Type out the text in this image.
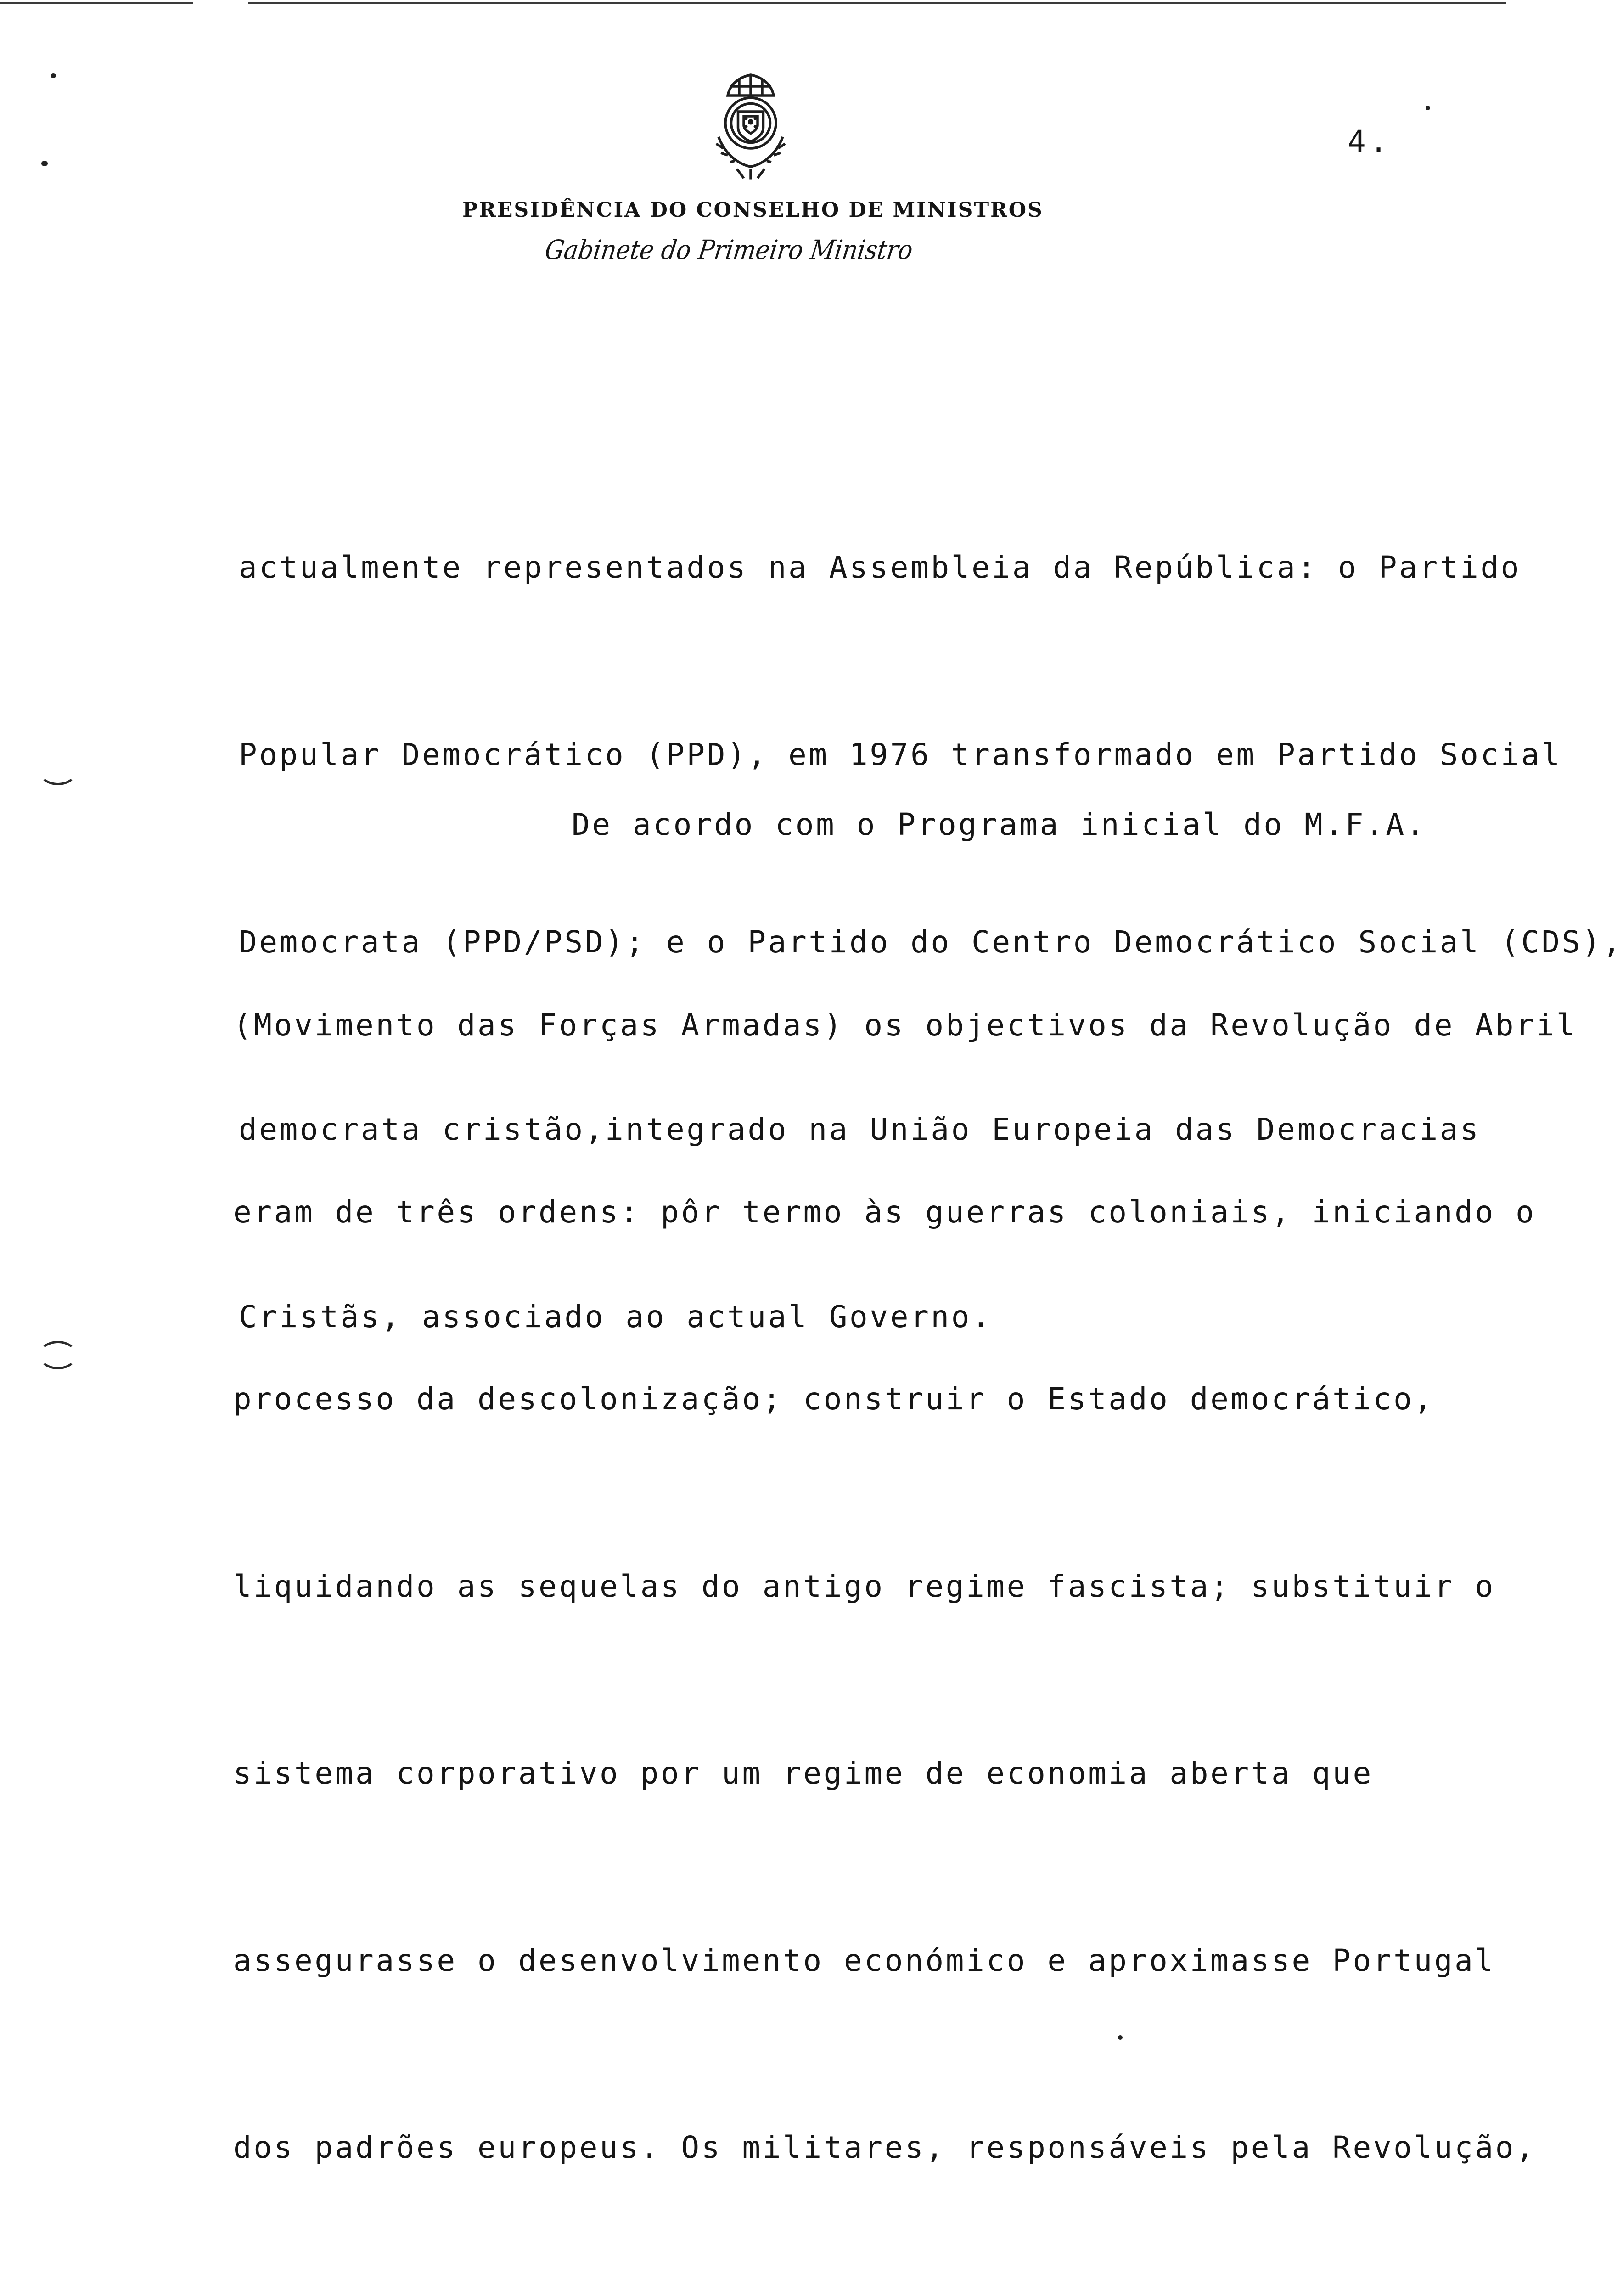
4.
PRESIDÊNCIA DO CONSELHO DE MINISTROS
Gabinete do Primeiro Ministro

actualmente representados na Assembleia da República: o Partido

Popular Democrático (PPD), em 1976 transformado em Partido Social

Democrata (PPD/PSD); e o Partido do Centro Democrático Social (CDS),

democrata cristão,integrado na União Europeia das Democracias

Cristãs, associado ao actual Governo.

De acordo com o Programa inicial do M.F.A.

(Movimento das Forças Armadas) os objectivos da Revolução de Abril

eram de três ordens: pôr termo às guerras coloniais, iniciando o

processo da descolonização; construir o Estado democrático,

liquidando as sequelas do antigo regime fascista; substituir o

sistema corporativo por um regime de economia aberta que

assegurasse o desenvolvimento económico e aproximasse Portugal

dos padrões europeus. Os militares, responsáveis pela Revolução,
